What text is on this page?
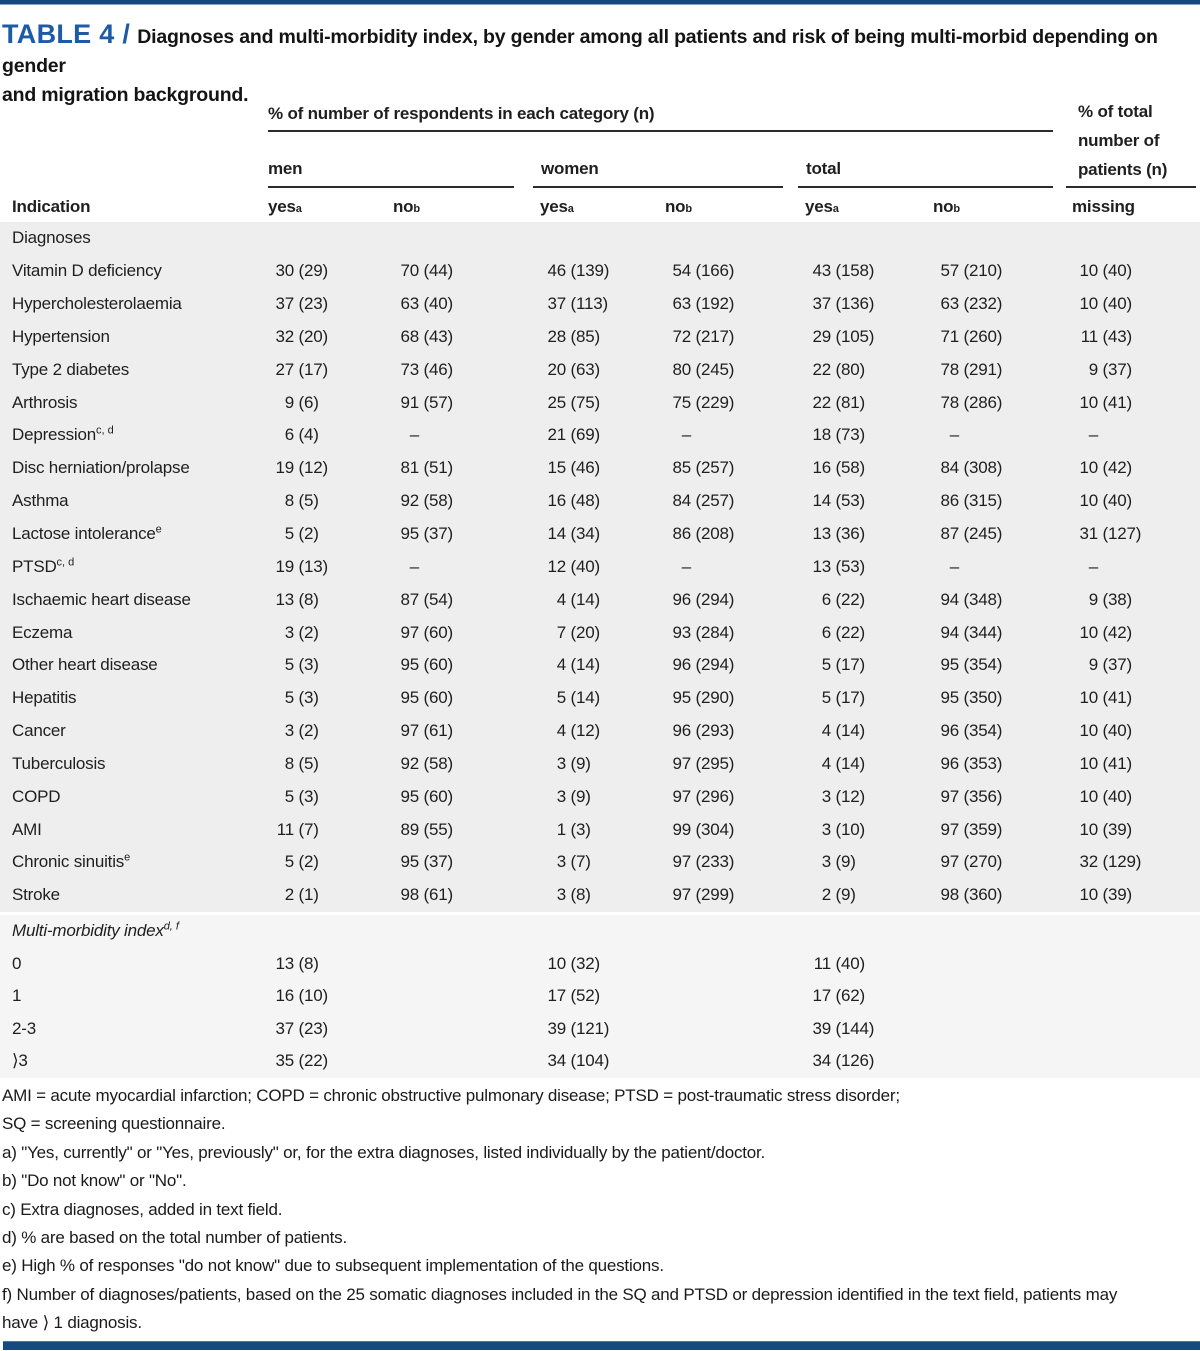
TABLE 4 / Diagnoses and multi-morbidity index, by gender among all patients and risk of being multi-morbid depending on gender
and migration background.
% of number of respondents in each category (n)	% of total
number of
patients (n)
men	women	total
Indication	yes a	no b	yes a	no b	yes a	no b	missing
Diagnoses
Vitamin D deficiency	30 (29)	70 (44)	46 (139)	54 (166)	43 (158)	57 (210)	10 (40)
Hypercholesterolaemia	37 (23)	63 (40)	37 (113)	63 (192)	37 (136)	63 (232)	10 (40)
Hypertension	32 (20)	68 (43)	28 (85)	72 (217)	29 (105)	71 (260)	11 (43)
Type 2 diabetes	27 (17)	73 (46)	20 (63)	80 (245)	22 (80)	78 (291)	9 (37)
Arthrosis	9 (6)	91 (57)	25 (75)	75 (229)	22 (81)	78 (286)	10 (41)
Depression$^{c, d}$	6 (4)	–	21 (69)	–	18 (73)	–	–
Disc herniation/prolapse	19 (12)	81 (51)	15 (46)	85 (257)	16 (58)	84 (308)	10 (42)
Asthma	8 (5)	92 (58)	16 (48)	84 (257)	14 (53)	86 (315)	10 (40)
Lactose intolerance$^e$	5 (2)	95 (37)	14 (34)	86 (208)	13 (36)	87 (245)	31 (127)
PTSD$^{c, d}$	19 (13)	–	12 (40)	–	13 (53)	–	–
Ischaemic heart disease	13 (8)	87 (54)	4 (14)	96 (294)	6 (22)	94 (348)	9 (38)
Eczema	3 (2)	97 (60)	7 (20)	93 (284)	6 (22)	94 (344)	10 (42)
Other heart disease	5 (3)	95 (60)	4 (14)	96 (294)	5 (17)	95 (354)	9 (37)
Hepatitis	5 (3)	95 (60)	5 (14)	95 (290)	5 (17)	95 (350)	10 (41)
Cancer	3 (2)	97 (61)	4 (12)	96 (293)	4 (14)	96 (354)	10 (40)
Tuberculosis	8 (5)	92 (58)	3 (9)	97 (295)	4 (14)	96 (353)	10 (41)
COPD	5 (3)	95 (60)	3 (9)	97 (296)	3 (12)	97 (356)	10 (40)
AMI	11 (7)	89 (55)	1 (3)	99 (304)	3 (10)	97 (359)	10 (39)
Chronic sinuitis$^e$	5 (2)	95 (37)	3 (7)	97 (233)	3 (9)	97 (270)	32 (129)
Stroke	2 (1)	98 (61)	3 (8)	97 (299)	2 (9)	98 (360)	10 (39)
Multi-morbidity index$^{d, f}$
0	13 (8)	10 (32)	11 (40)
1	16 (10)	17 (52)	17 (62)
2-3	37 (23)	39 (121)	39 (144)
⟩3	35 (22)	34 (104)	34 (126)
AMI = acute myocardial infarction; COPD = chronic obstructive pulmonary disease; PTSD = post-traumatic stress disorder;
SQ = screening questionnaire.
a) "Yes, currently" or "Yes, previously" or, for the extra diagnoses, listed individually by the patient/doctor.
b) "Do not know" or "No".
c) Extra diagnoses, added in text field.
d) % are based on the total number of patients.
e) High % of responses "do not know" due to subsequent implementation of the questions.
f) Number of diagnoses/patients, based on the 25 somatic diagnoses included in the SQ and PTSD or depression identified in the text field, patients may
have ⟩ 1 diagnosis.
